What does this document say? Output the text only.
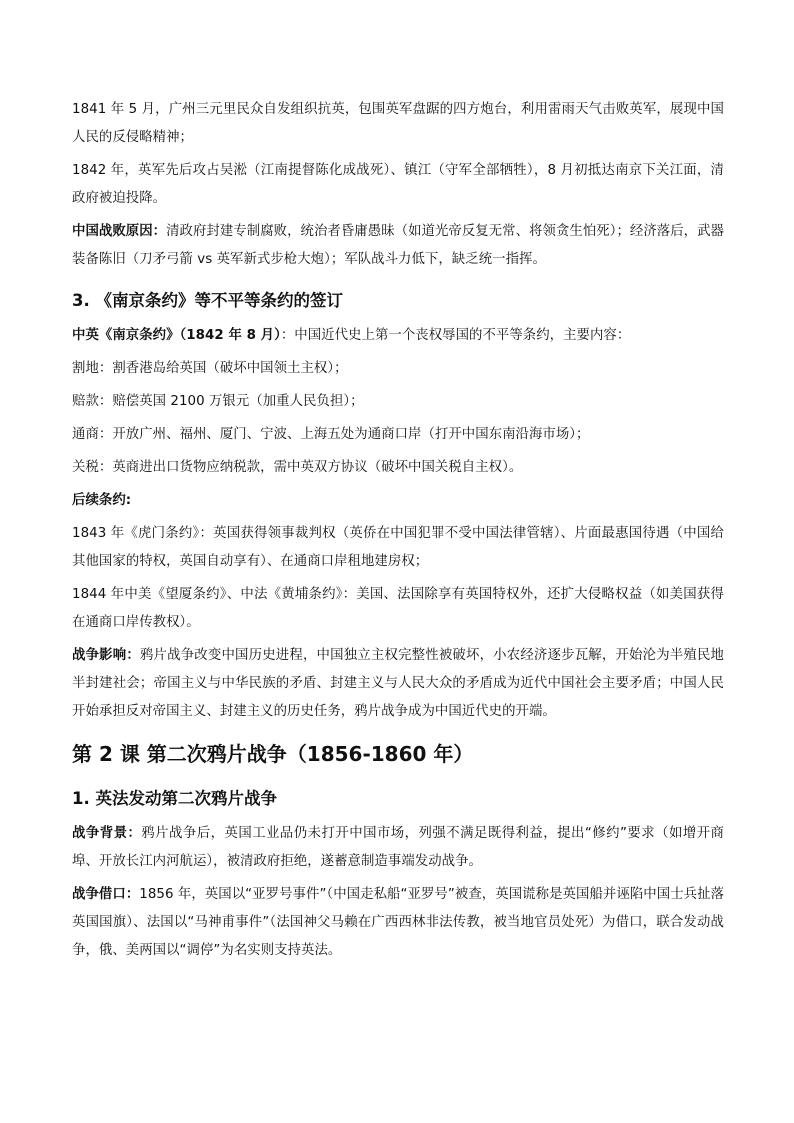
1841 年 5 月，广州三元里民众自发组织抗英，包围英军盘踞的四方炮台，利用雷雨天气击败英军，展现中国人民的反侵略精神；

1842 年，英军先后攻占吴淞（江南提督陈化成战死）、镇江（守军全部牺牲），8 月初抵达南京下关江面，清政府被迫投降。

中国战败原因：清政府封建专制腐败，统治者昏庸愚昧（如道光帝反复无常、将领贪生怕死）；经济落后，武器装备陈旧（刀矛弓箭 vs 英军新式步枪大炮）；军队战斗力低下，缺乏统一指挥。

3. 《南京条约》等不平等条约的签订

中英《南京条约》（1842 年 8 月）：中国近代史上第一个丧权辱国的不平等条约，主要内容：

割地：割香港岛给英国（破坏中国领土主权）；

赔款：赔偿英国 2100 万银元（加重人民负担）；

通商：开放广州、福州、厦门、宁波、上海五处为通商口岸（打开中国东南沿海市场）；

关税：英商进出口货物应纳税款，需中英双方协议（破坏中国关税自主权）。

后续条约:

1843 年《虎门条约》：英国获得领事裁判权（英侨在中国犯罪不受中国法律管辖）、片面最惠国待遇（中国给其他国家的特权，英国自动享有）、在通商口岸租地建房权；

1844 年中美《望厦条约》、中法《黄埔条约》：美国、法国除享有英国特权外，还扩大侵略权益（如美国获得在通商口岸传教权）。

战争影响：鸦片战争改变中国历史进程，中国独立主权完整性被破坏，小农经济逐步瓦解，开始沦为半殖民地半封建社会；帝国主义与中华民族的矛盾、封建主义与人民大众的矛盾成为近代中国社会主要矛盾；中国人民开始承担反对帝国主义、封建主义的历史任务，鸦片战争成为中国近代史的开端。

第 2 课 第二次鸦片战争（1856-1860 年）
1. 英法发动第二次鸦片战争

战争背景：鸦片战争后，英国工业品仍未打开中国市场，列强不满足既得利益，提出“修约”要求（如增开商埠、开放长江内河航运），被清政府拒绝，遂蓄意制造事端发动战争。

战争借口：1856 年，英国以“亚罗号事件”（中国走私船“亚罗号”被查，英国谎称是英国船并诬陷中国士兵扯落英国国旗）、法国以“马神甫事件”（法国神父马赖在广西西林非法传教，被当地官员处死）为借口，联合发动战争，俄、美两国以“调停”为名实则支持英法。
